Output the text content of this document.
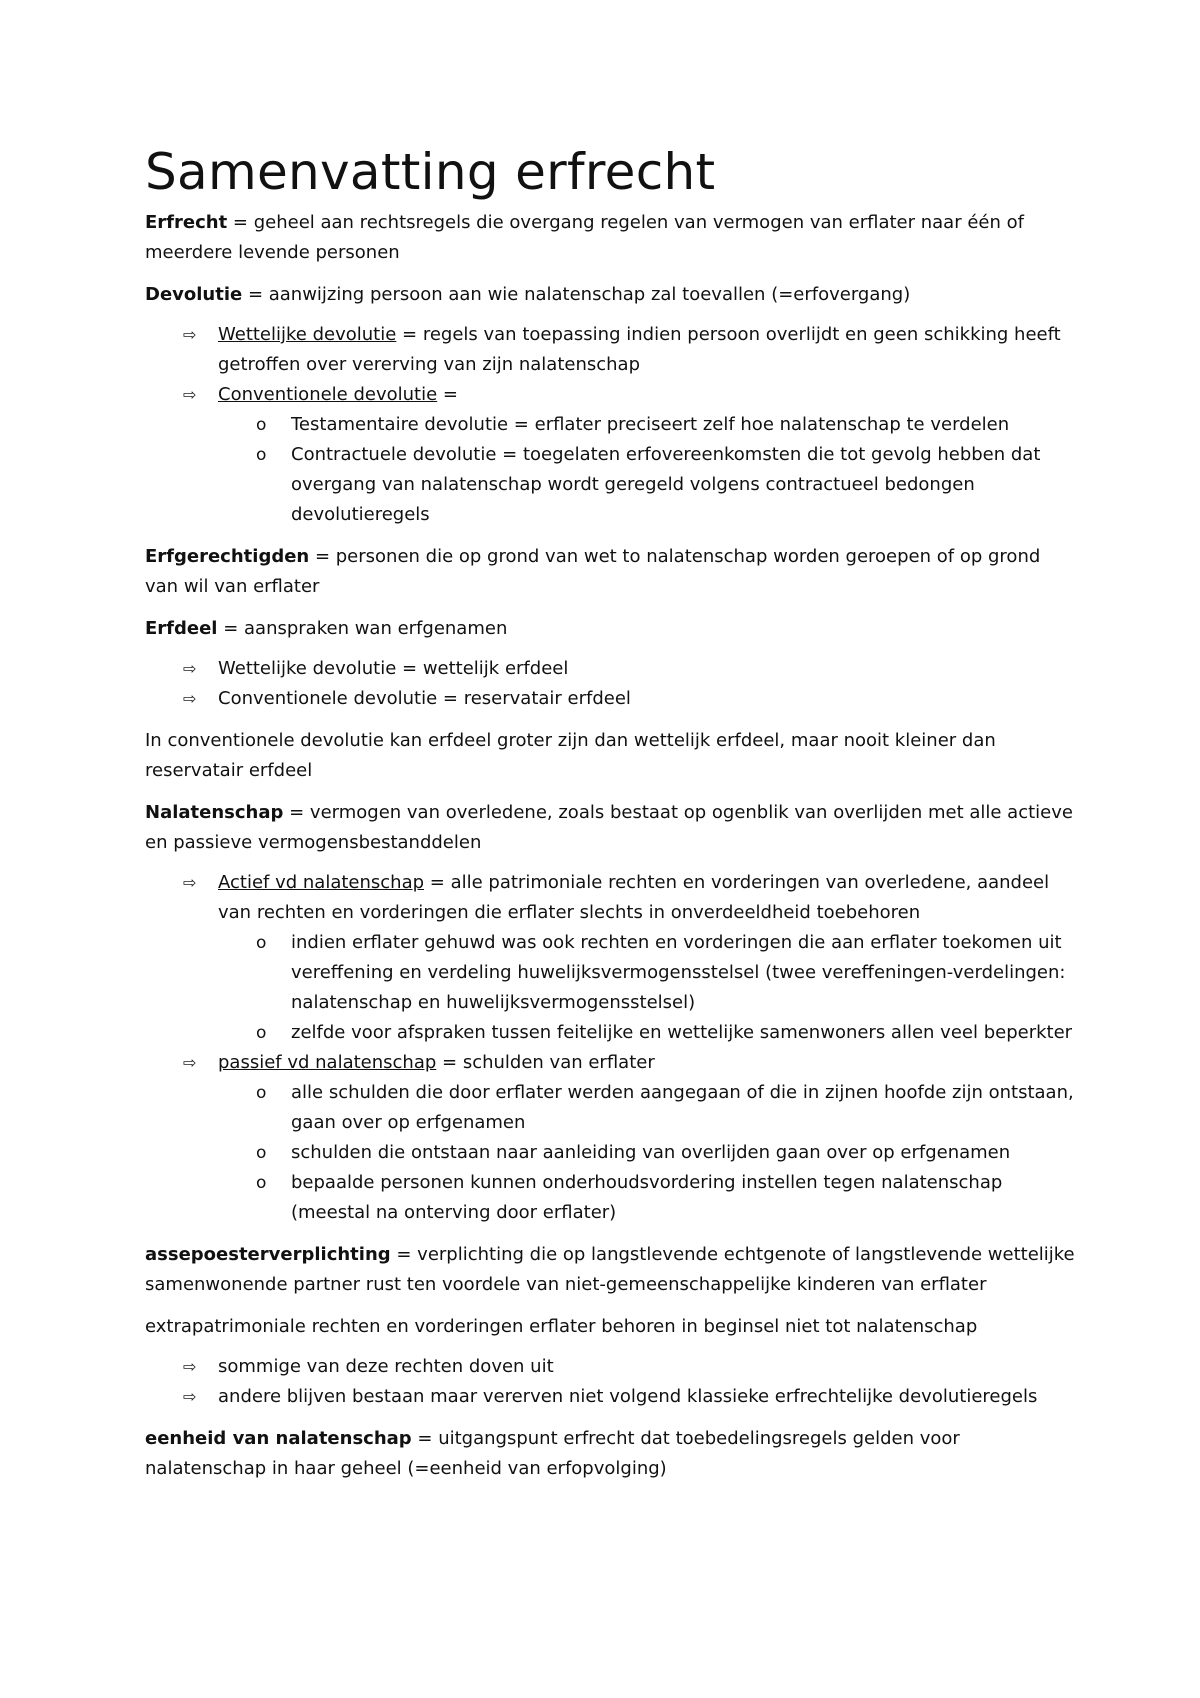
Samenvatting erfrecht

Erfrecht = geheel aan rechtsregels die overgang regelen van vermogen van erflater naar één of meerdere levende personen

Devolutie = aanwijzing persoon aan wie nalatenschap zal toevallen (=erfovergang)

⇨ Wettelijke devolutie = regels van toepassing indien persoon overlijdt en geen schikking heeft getroffen over vererving van zijn nalatenschap
⇨ Conventionele devolutie =
o Testamentaire devolutie = erflater preciseert zelf hoe nalatenschap te verdelen
o Contractuele devolutie = toegelaten erfovereenkomsten die tot gevolg hebben dat overgang van nalatenschap wordt geregeld volgens contractueel bedongen devolutieregels

Erfgerechtigden = personen die op grond van wet to nalatenschap worden geroepen of op grond van wil van erflater

Erfdeel = aanspraken wan erfgenamen

⇨ Wettelijke devolutie = wettelijk erfdeel
⇨ Conventionele devolutie = reservatair erfdeel

In conventionele devolutie kan erfdeel groter zijn dan wettelijk erfdeel, maar nooit kleiner dan reservatair erfdeel

Nalatenschap = vermogen van overledene, zoals bestaat op ogenblik van overlijden met alle actieve en passieve vermogensbestanddelen

⇨ Actief vd nalatenschap = alle patrimoniale rechten en vorderingen van overledene, aandeel van rechten en vorderingen die erflater slechts in onverdeeldheid toebehoren
o indien erflater gehuwd was ook rechten en vorderingen die aan erflater toekomen uit vereffening en verdeling huwelijksvermogensstelsel (twee vereffeningen-verdelingen: nalatenschap en huwelijksvermogensstelsel)
o zelfde voor afspraken tussen feitelijke en wettelijke samenwoners allen veel beperkter
⇨ passief vd nalatenschap = schulden van erflater
o alle schulden die door erflater werden aangegaan of die in zijnen hoofde zijn ontstaan, gaan over op erfgenamen
o schulden die ontstaan naar aanleiding van overlijden gaan over op erfgenamen
o bepaalde personen kunnen onderhoudsvordering instellen tegen nalatenschap (meestal na onterving door erflater)

assepoesterverplichting = verplichting die op langstlevende echtgenote of langstlevende wettelijke samenwonende partner rust ten voordele van niet-gemeenschappelijke kinderen van erflater

extrapatrimoniale rechten en vorderingen erflater behoren in beginsel niet tot nalatenschap

⇨ sommige van deze rechten doven uit
⇨ andere blijven bestaan maar vererven niet volgend klassieke erfrechtelijke devolutieregels

eenheid van nalatenschap = uitgangspunt erfrecht dat toebedelingsregels gelden voor nalatenschap in haar geheel (=eenheid van erfopvolging)
